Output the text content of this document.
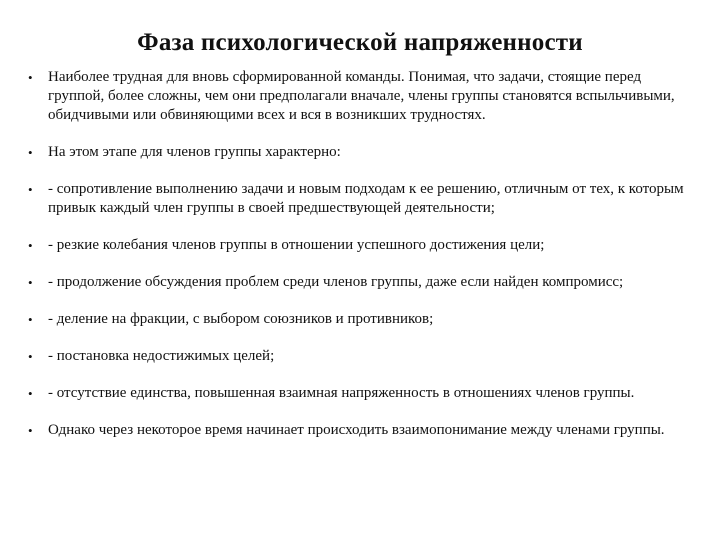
Фаза психологической напряженности
• Наиболее трудная для вновь сформированной команды. Понимая, что задачи, стоящие перед группой, более сложны, чем они предполагали вначале, члены группы становятся вспыльчивыми, обидчивыми или обвиняющими всех и вся в возникших трудностях.
• На этом этапе для членов группы характерно:
• - сопротивление выполнению задачи и новым подходам к ее решению, отличным от тех, к которым привык каждый член группы в своей предшествующей деятельности;
• - резкие колебания членов группы в отношении успешного достижения цели;
• - продолжение обсуждения проблем среди членов группы, даже если найден компромисс;
• - деление на фракции, с выбором союзников и противников;
• - постановка недостижимых целей;
• - отсутствие единства, повышенная взаимная напряженность в отношениях членов группы.
• Однако через некоторое время начинает происходить взаимопонимание между членами группы.
